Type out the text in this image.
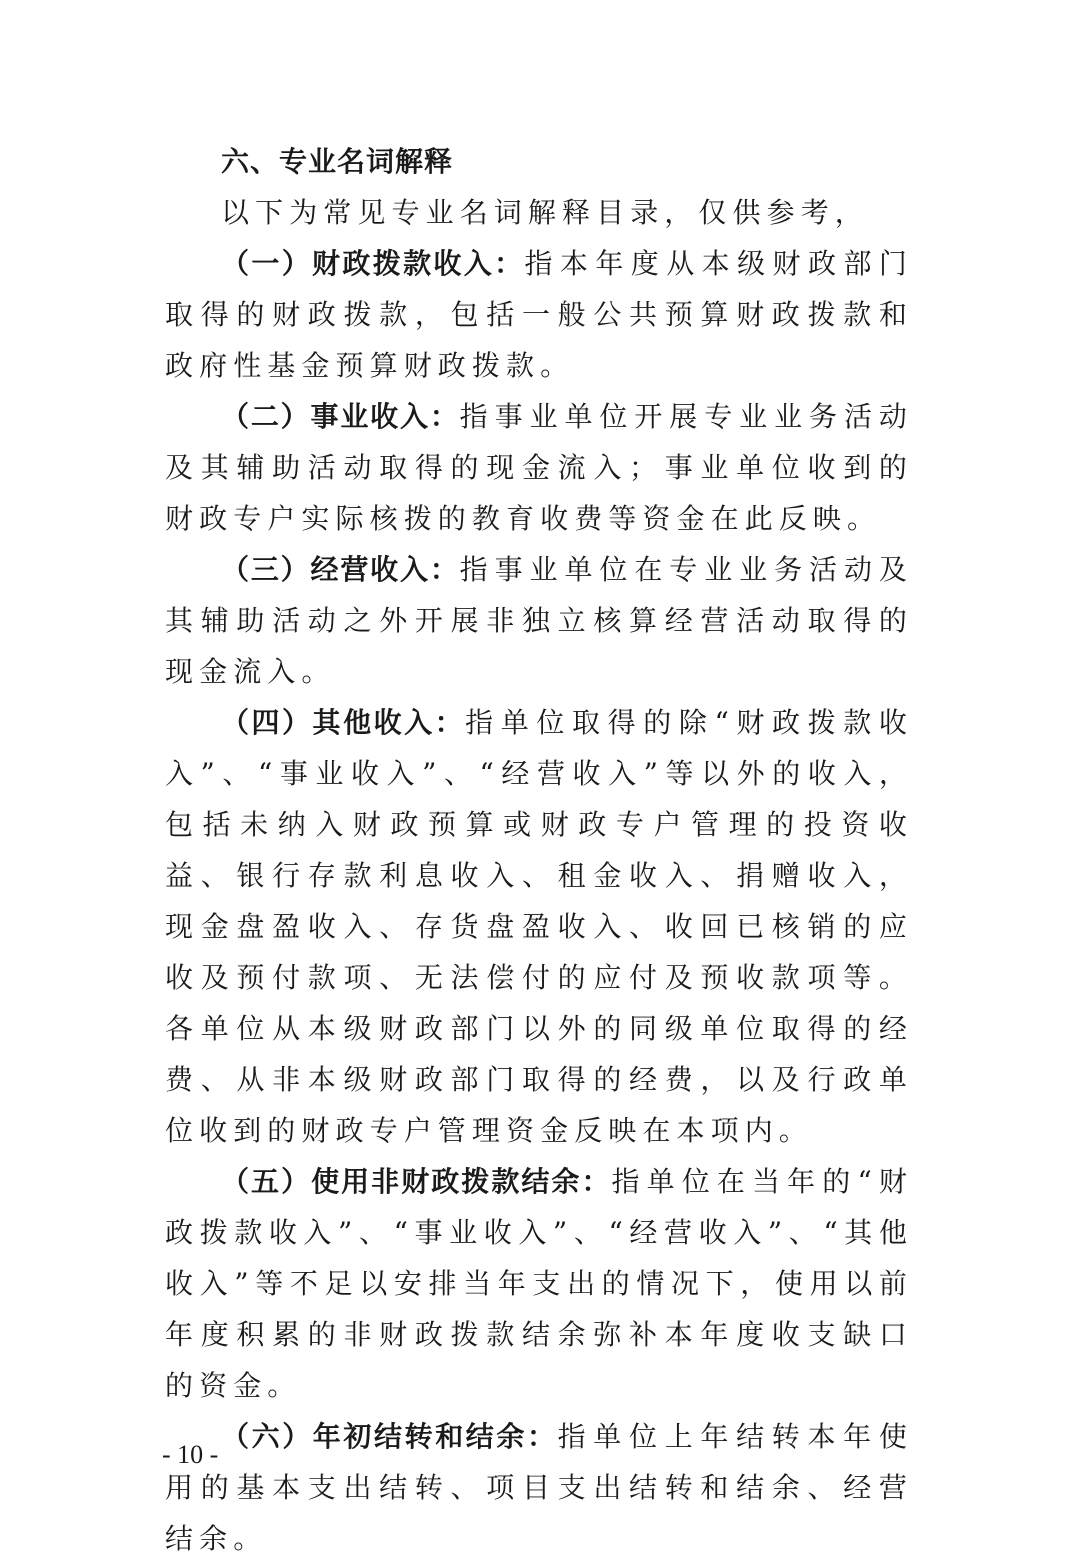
六、专业名词解释

以下为常见专业名词解释目录，仅供参考，

（一）财政拨款收入：指本年度从本级财政部门取得的财政拨款，包括一般公共预算财政拨款和政府性基金预算财政拨款。

（二）事业收入：指事业单位开展专业业务活动及其辅助活动取得的现金流入；事业单位收到的财政专户实际核拨的教育收费等资金在此反映。

（三）经营收入：指事业单位在专业业务活动及其辅助活动之外开展非独立核算经营活动取得的现金流入。

（四）其他收入：指单位取得的除“财政拨款收入”、“事业收入”、“经营收入”等以外的收入，包括未纳入财政预算或财政专户管理的投资收益、银行存款利息收入、租金收入、捐赠收入，现金盘盈收入、存货盘盈收入、收回已核销的应收及预付款项、无法偿付的应付及预收款项等。各单位从本级财政部门以外的同级单位取得的经费、从非本级财政部门取得的经费，以及行政单位收到的财政专户管理资金反映在本项内。

（五）使用非财政拨款结余：指单位在当年的“财政拨款收入”、“事业收入”、“经营收入”、“其他收入”等不足以安排当年支出的情况下，使用以前年度积累的非财政拨款结余弥补本年度收支缺口的资金。

（六）年初结转和结余：指单位上年结转本年使用的基本支出结转、项目支出结转和结余、经营结余。

- 10 -
